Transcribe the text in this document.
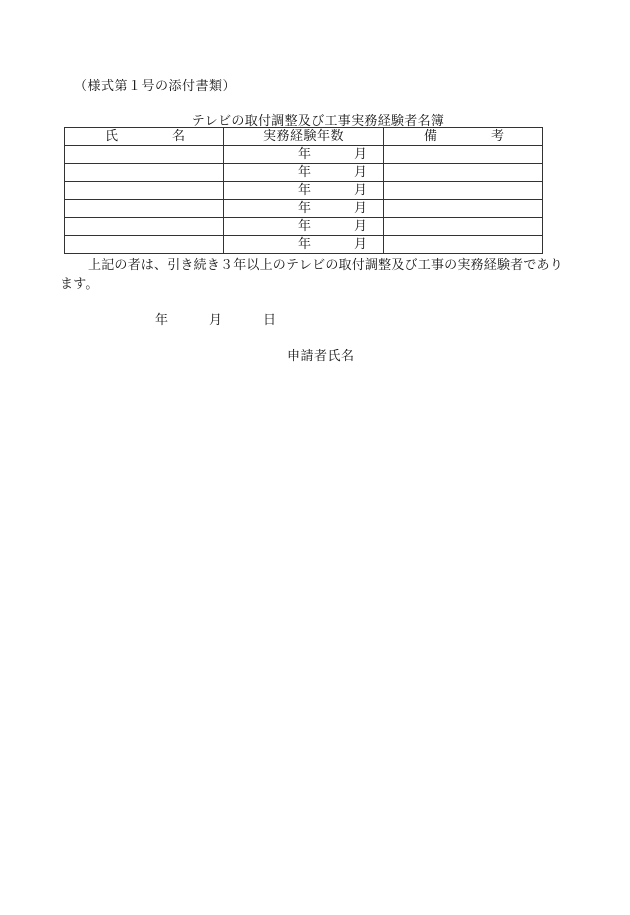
（様式第１号の添付書類）
テレビの取付調整及び工事実務経験者名簿
氏 名	実務経験年数	備 考

	年 月	

	年 月	

	年 月	

	年 月	

	年 月	

	年 月	

上記の者は、引き続き３年以上のテレビの取付調整及び工事の実務経験者であり
ます。
年	月	日
申請者氏名
